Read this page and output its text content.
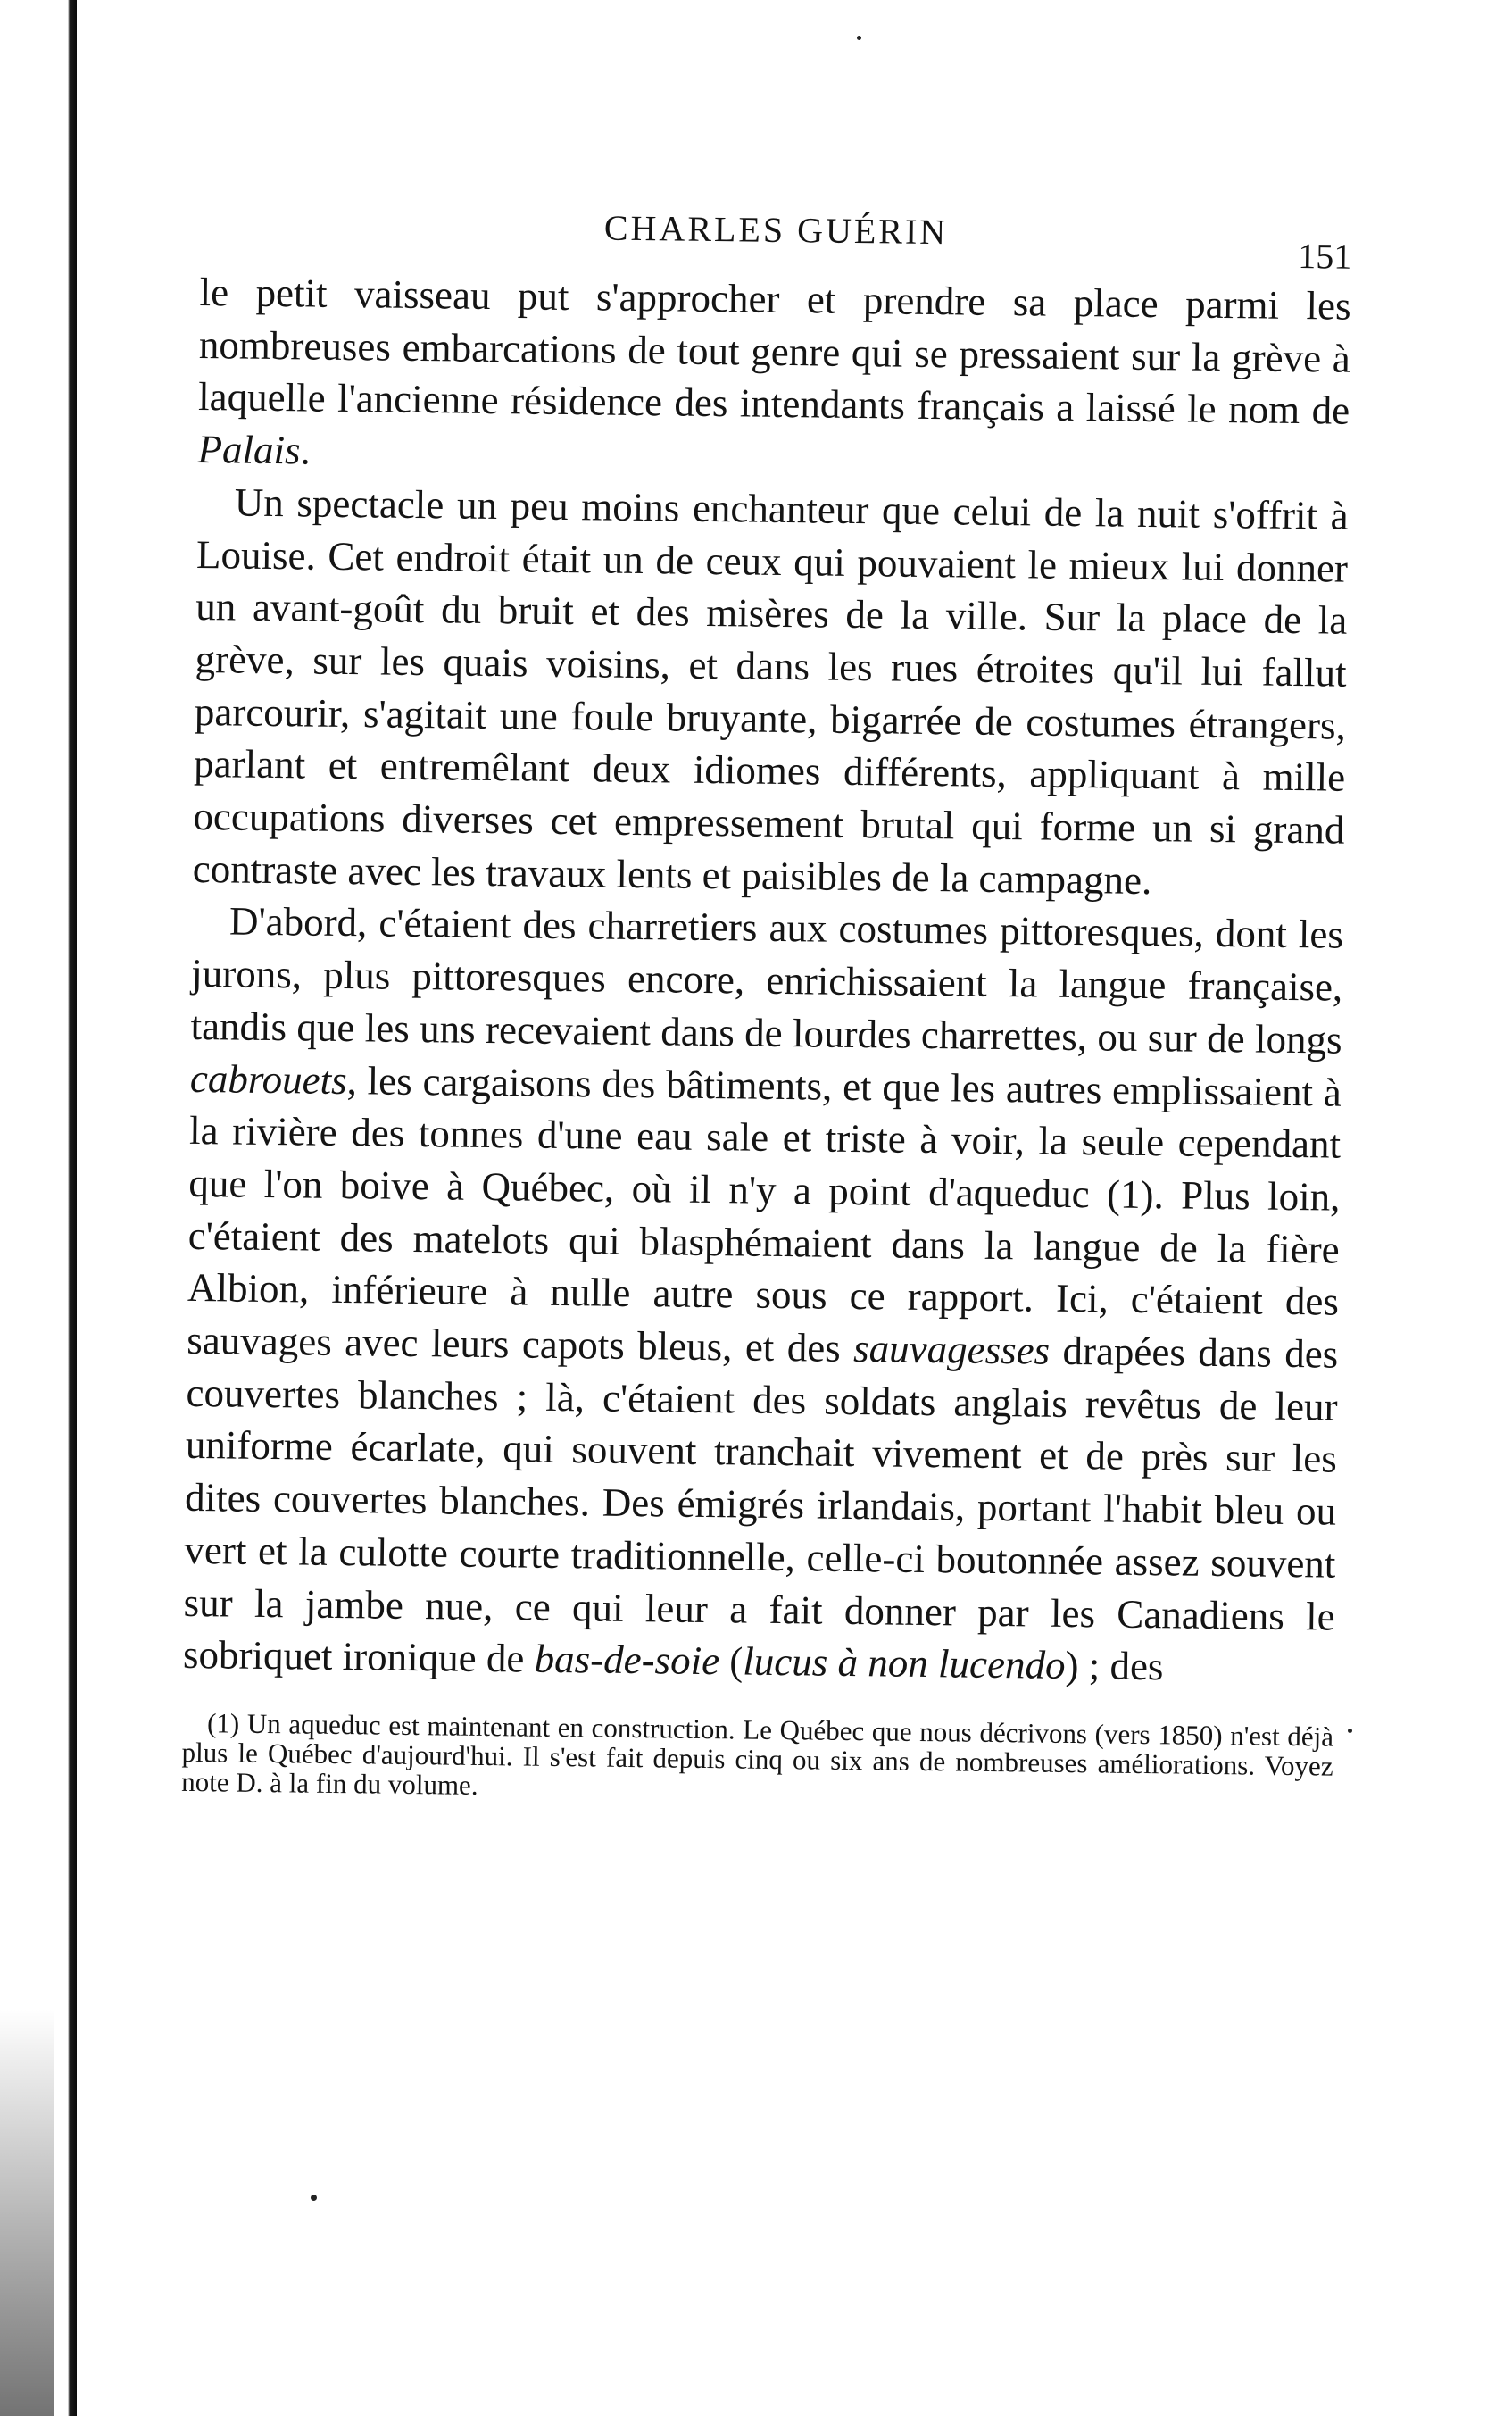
CHARLES GUÉRIN
151

le petit vaisseau put s'approcher et prendre sa place parmi les nombreuses embarcations de tout genre qui se pressaient sur la grève à laquelle l'ancienne résidence des intendants français a laissé le nom de Palais.

Un spectacle un peu moins enchanteur que celui de la nuit s'offrit à Louise. Cet endroit était un de ceux qui pouvaient le mieux lui donner un avant-goût du bruit et des misères de la ville. Sur la place de la grève, sur les quais voisins, et dans les rues étroites qu'il lui fallut parcourir, s'agitait une foule bruyante, bigarrée de costumes étrangers, parlant et entremêlant deux idiomes différents, appliquant à mille occupations diverses cet empressement brutal qui forme un si grand contraste avec les travaux lents et paisibles de la campagne.

D'abord, c'étaient des charretiers aux costumes pittoresques, dont les jurons, plus pittoresques encore, enrichissaient la langue française, tandis que les uns recevaient dans de lourdes charrettes, ou sur de longs cabrouets, les cargaisons des bâtiments, et que les autres emplissaient à la rivière des tonnes d'une eau sale et triste à voir, la seule cependant que l'on boive à Québec, où il n'y a point d'aqueduc (1). Plus loin, c'étaient des matelots qui blasphémaient dans la langue de la fière Albion, inférieure à nulle autre sous ce rapport. Ici, c'étaient des sauvages avec leurs capots bleus, et des sauvagesses drapées dans des couvertes blanches ; là, c'étaient des soldats anglais revêtus de leur uniforme écarlate, qui souvent tranchait vivement et de près sur les dites couvertes blanches. Des émigrés irlandais, portant l'habit bleu ou vert et la culotte courte traditionnelle, celle-ci boutonnée assez souvent sur la jambe nue, ce qui leur a fait donner par les Canadiens le sobriquet ironique de bas-de-soie (lucus à non lucendo) ; des

(1) Un aqueduc est maintenant en construction. Le Québec que nous décrivons (vers 1850) n'est déjà plus le Québec d'aujourd'hui. Il s'est fait depuis cinq ou six ans de nombreuses améliorations. Voyez note D. à la fin du volume.
